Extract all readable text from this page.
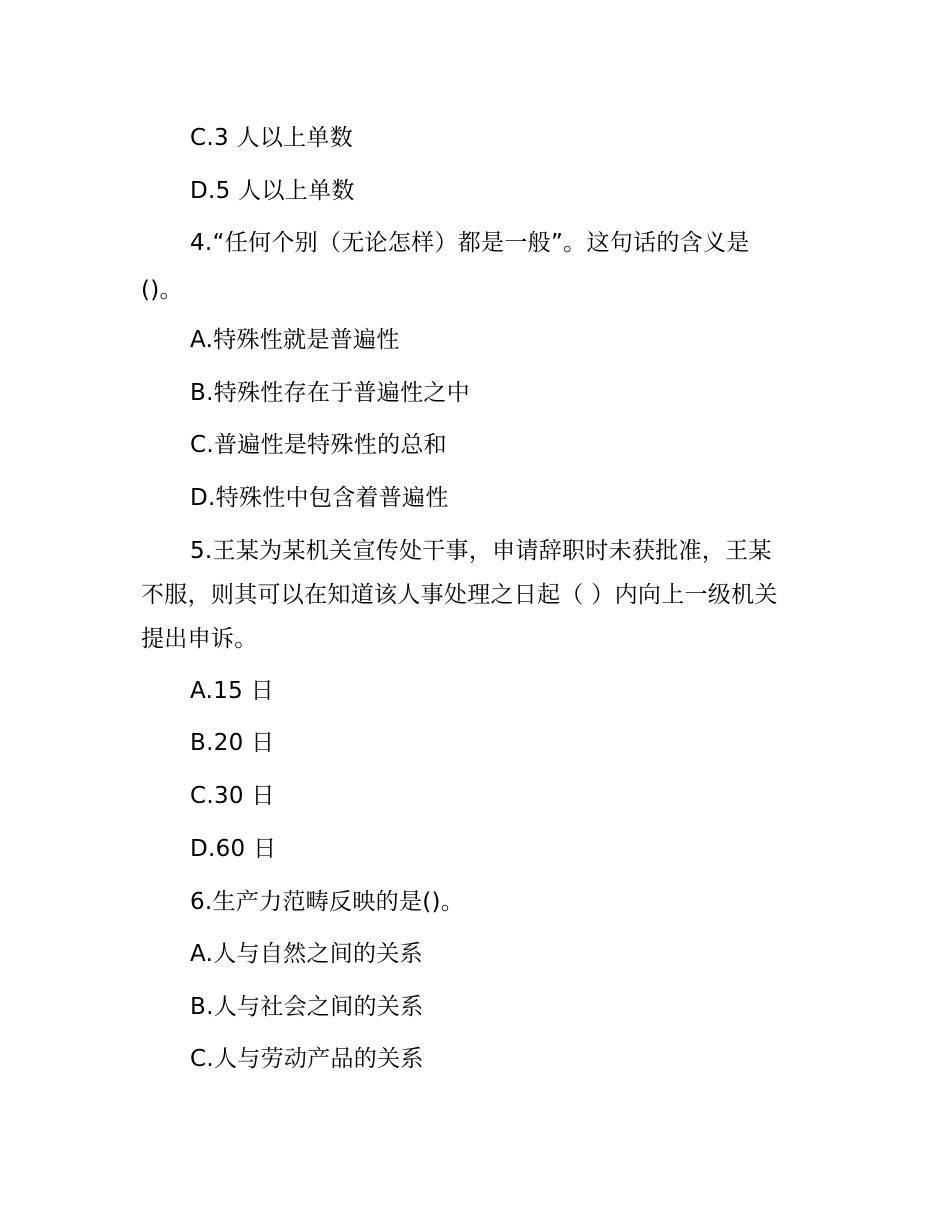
C.3 人以上单数
D.5 人以上单数
4.“任何个别（无论怎样）都是一般”。这句话的含义是
()。
A.特殊性就是普遍性
B.特殊性存在于普遍性之中
C.普遍性是特殊性的总和
D.特殊性中包含着普遍性
5.王某为某机关宣传处干事，申请辞职时未获批准，王某
不服，则其可以在知道该人事处理之日起（ ）内向上一级机关
提出申诉。
A.15 日
B.20 日
C.30 日
D.60 日
6.生产力范畴反映的是()。
A.人与自然之间的关系
B.人与社会之间的关系
C.人与劳动产品的关系
